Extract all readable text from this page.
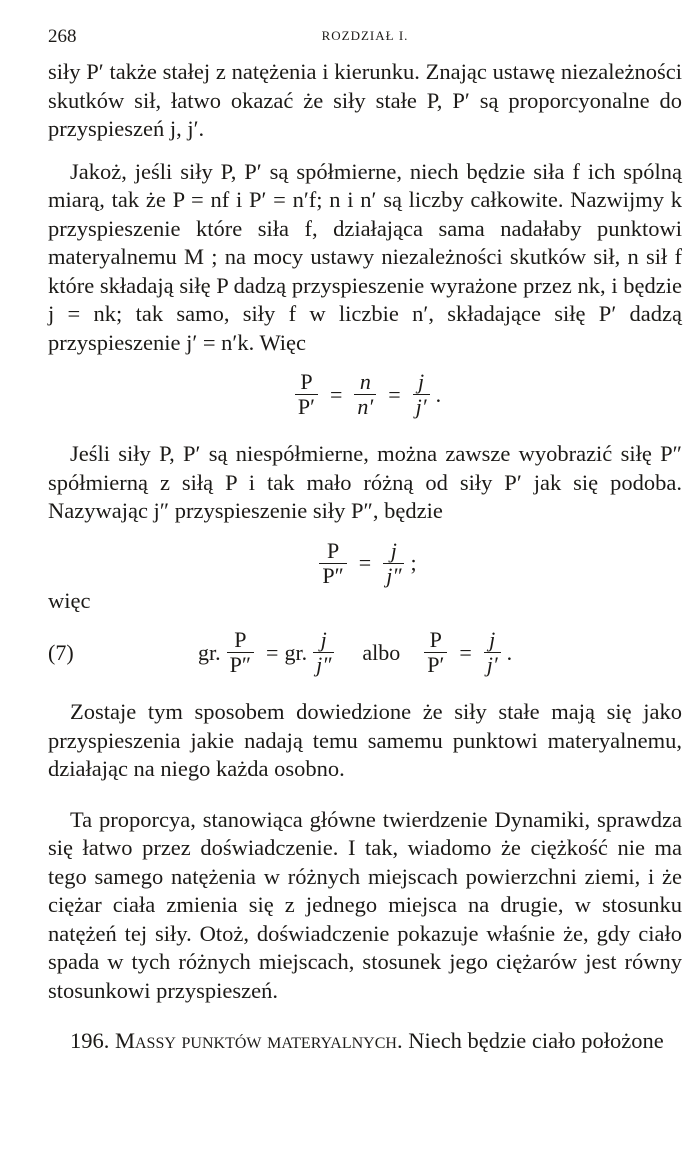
268	ROZDZIAŁ I.

siły P′ także stałej z natężenia i kierunku. Znając ustawę niezależności skutków sił, łatwo okazać że siły stałe P, P′ są proporcyonalne do przyspieszeń j, j′.

Jakoż, jeśli siły P, P′ są spółmierne, niech będzie siła f ich spólną miarą, tak że P = nf i P′ = n′f; n i n′ są liczby całkowite. Nazwijmy k przyspieszenie które siła f, działająca sama nadałaby punktowi materyalnemu M ; na mocy ustawy niezależności skutków sił, n sił f które składają siłę P dadzą przyspieszenie wyrażone przez nk, i będzie j = nk; tak samo, siły f w liczbie n′, składające siłę P′ dadzą przyspieszenie j′ = n′k. Więc

$\frac{P}{P'} = \frac{n}{n'} = \frac{j}{j'}$ .

Jeśli siły P, P′ są niespółmierne, można zawsze wyobrazić siłę P″ spółmierną z siłą P i tak mało różną od siły P′ jak się podoba. Nazywając j″ przyspieszenie siły P″, będzie

$\frac{P}{P''} = \frac{j}{j''}$ ;

więc

(7)	gr. $\frac{P}{P''}$ = gr. $\frac{j}{j''}$ albo $\frac{P}{P'} = \frac{j}{j'}$ .

Zostaje tym sposobem dowiedzione że siły stałe mają się jako przyspieszenia jakie nadają temu samemu punktowi materyalnemu, działając na niego każda osobno.

Ta proporcya, stanowiąca główne twierdzenie Dynamiki, sprawdza się łatwo przez doświadczenie. I tak, wiadomo że ciężkość nie ma tego samego natężenia w różnych miejscach powierzchni ziemi, i że ciężar ciała zmienia się z jednego miejsca na drugie, w stosunku natężeń tej siły. Otoż, doświadczenie pokazuje właśnie że, gdy ciało spada w tych różnych miejscach, stosunek jego ciężarów jest równy stosunkowi przyspieszeń.

196. Massy punktów materyalnych. Niech będzie ciało położone
